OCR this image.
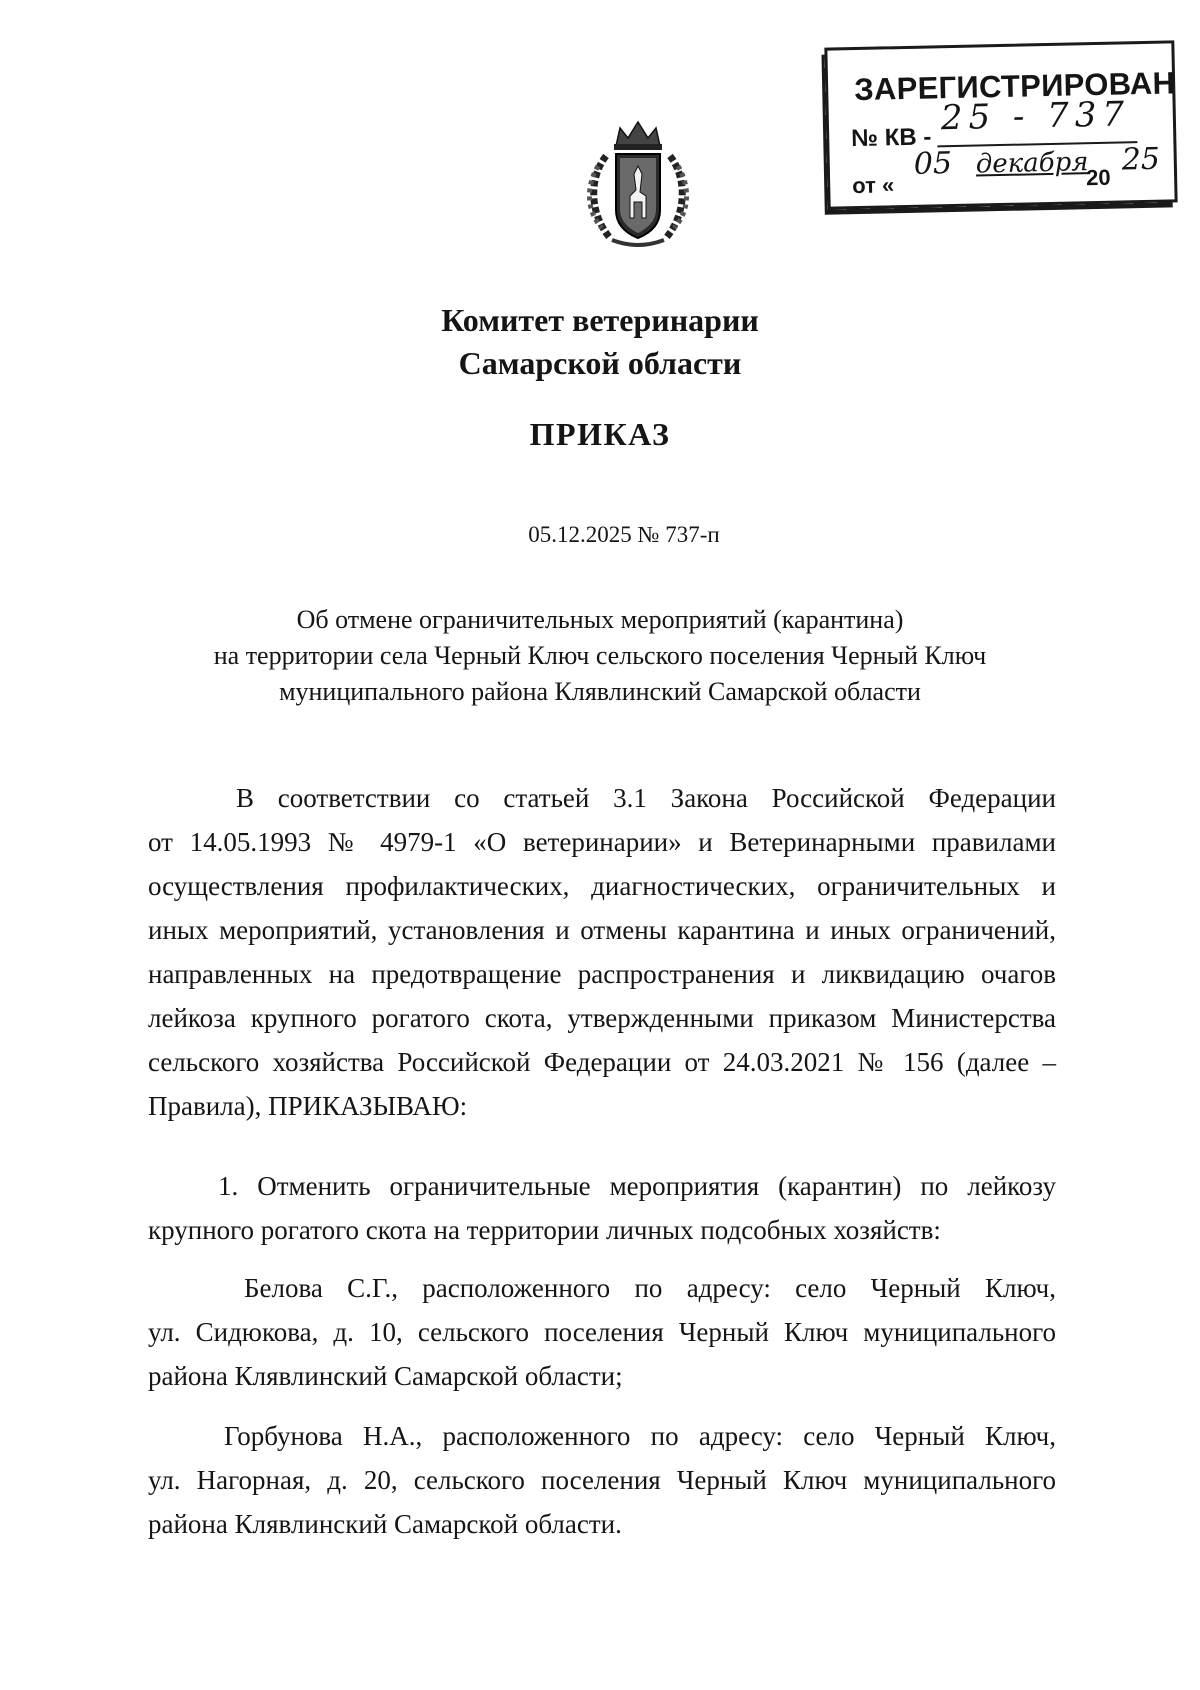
ЗАРЕГИСТРИРОВАН
№ КВ - 25 - 737
от «
05 декабря
20 25
Комитет ветеринарии
Самарской области
ПРИКАЗ
05.12.2025 № 737-п
Об отмене ограничительных мероприятий (карантина)
на территории села Черный Ключ сельского поселения Черный Ключ
муниципального района Клявлинский Самарской области
В соответствии со статьей 3.1 Закона Российской Федерации
от 14.05.1993 № 4979-1 «О ветеринарии» и Ветеринарными правилами
осуществления профилактических, диагностических, ограничительных и
иных мероприятий, установления и отмены карантина и иных ограничений,
направленных на предотвращение распространения и ликвидацию очагов
лейкоза крупного рогатого скота, утвержденными приказом Министерства
сельского хозяйства Российской Федерации от 24.03.2021 № 156 (далее –
Правила), ПРИКАЗЫВАЮ:
1. Отменить ограничительные мероприятия (карантин) по лейкозу
крупного рогатого скота на территории личных подсобных хозяйств:
Белова С.Г., расположенного по адресу: село Черный Ключ,
ул. Сидюкова, д. 10, сельского поселения Черный Ключ муниципального
района Клявлинский Самарской области;
Горбунова Н.А., расположенного по адресу: село Черный Ключ,
ул. Нагорная, д. 20, сельского поселения Черный Ключ муниципального
района Клявлинский Самарской области.
